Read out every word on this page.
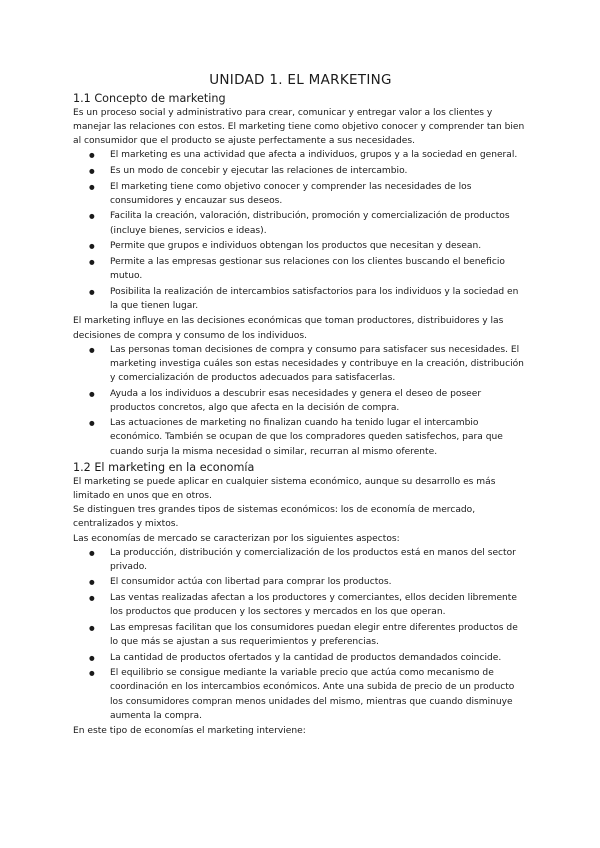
UNIDAD 1. EL MARKETING
1.1 Concepto de marketing

Es un proceso social y administrativo para crear, comunicar y entregar valor a los clientes y manejar las relaciones con estos. El marketing tiene como objetivo conocer y comprender tan bien al consumidor que el producto se ajuste perfectamente a sus necesidades.

● El marketing es una actividad que afecta a individuos, grupos y a la sociedad en general.
● Es un modo de concebir y ejecutar las relaciones de intercambio.
● El marketing tiene como objetivo conocer y comprender las necesidades de los consumidores y encauzar sus deseos.
● Facilita la creación, valoración, distribución, promoción y comercialización de productos (incluye bienes, servicios e ideas).
● Permite que grupos e individuos obtengan los productos que necesitan y desean.
● Permite a las empresas gestionar sus relaciones con los clientes buscando el beneficio mutuo.
● Posibilita la realización de intercambios satisfactorios para los individuos y la sociedad en la que tienen lugar.

El marketing influye en las decisiones económicas que toman productores, distribuidores y las decisiones de compra y consumo de los individuos.

● Las personas toman decisiones de compra y consumo para satisfacer sus necesidades. El marketing investiga cuáles son estas necesidades y contribuye en la creación, distribución y comercialización de productos adecuados para satisfacerlas.
● Ayuda a los individuos a descubrir esas necesidades y genera el deseo de poseer productos concretos, algo que afecta en la decisión de compra.
● Las actuaciones de marketing no finalizan cuando ha tenido lugar el intercambio económico. También se ocupan de que los compradores queden satisfechos, para que cuando surja la misma necesidad o similar, recurran al mismo oferente.
1.2 El marketing en la economía

El marketing se puede aplicar en cualquier sistema económico, aunque su desarrollo es más limitado en unos que en otros.

Se distinguen tres grandes tipos de sistemas económicos: los de economía de mercado, centralizados y mixtos.

Las economías de mercado se caracterizan por los siguientes aspectos:

● La producción, distribución y comercialización de los productos está en manos del sector privado.
● El consumidor actúa con libertad para comprar los productos.
● Las ventas realizadas afectan a los productores y comerciantes, ellos deciden libremente los productos que producen y los sectores y mercados en los que operan.
● Las empresas facilitan que los consumidores puedan elegir entre diferentes productos de lo que más se ajustan a sus requerimientos y preferencias.
● La cantidad de productos ofertados y la cantidad de productos demandados coincide.
● El equilibrio se consigue mediante la variable precio que actúa como mecanismo de coordinación en los intercambios económicos. Ante una subida de precio de un producto los consumidores compran menos unidades del mismo, mientras que cuando disminuye aumenta la compra.

En este tipo de economías el marketing interviene:
